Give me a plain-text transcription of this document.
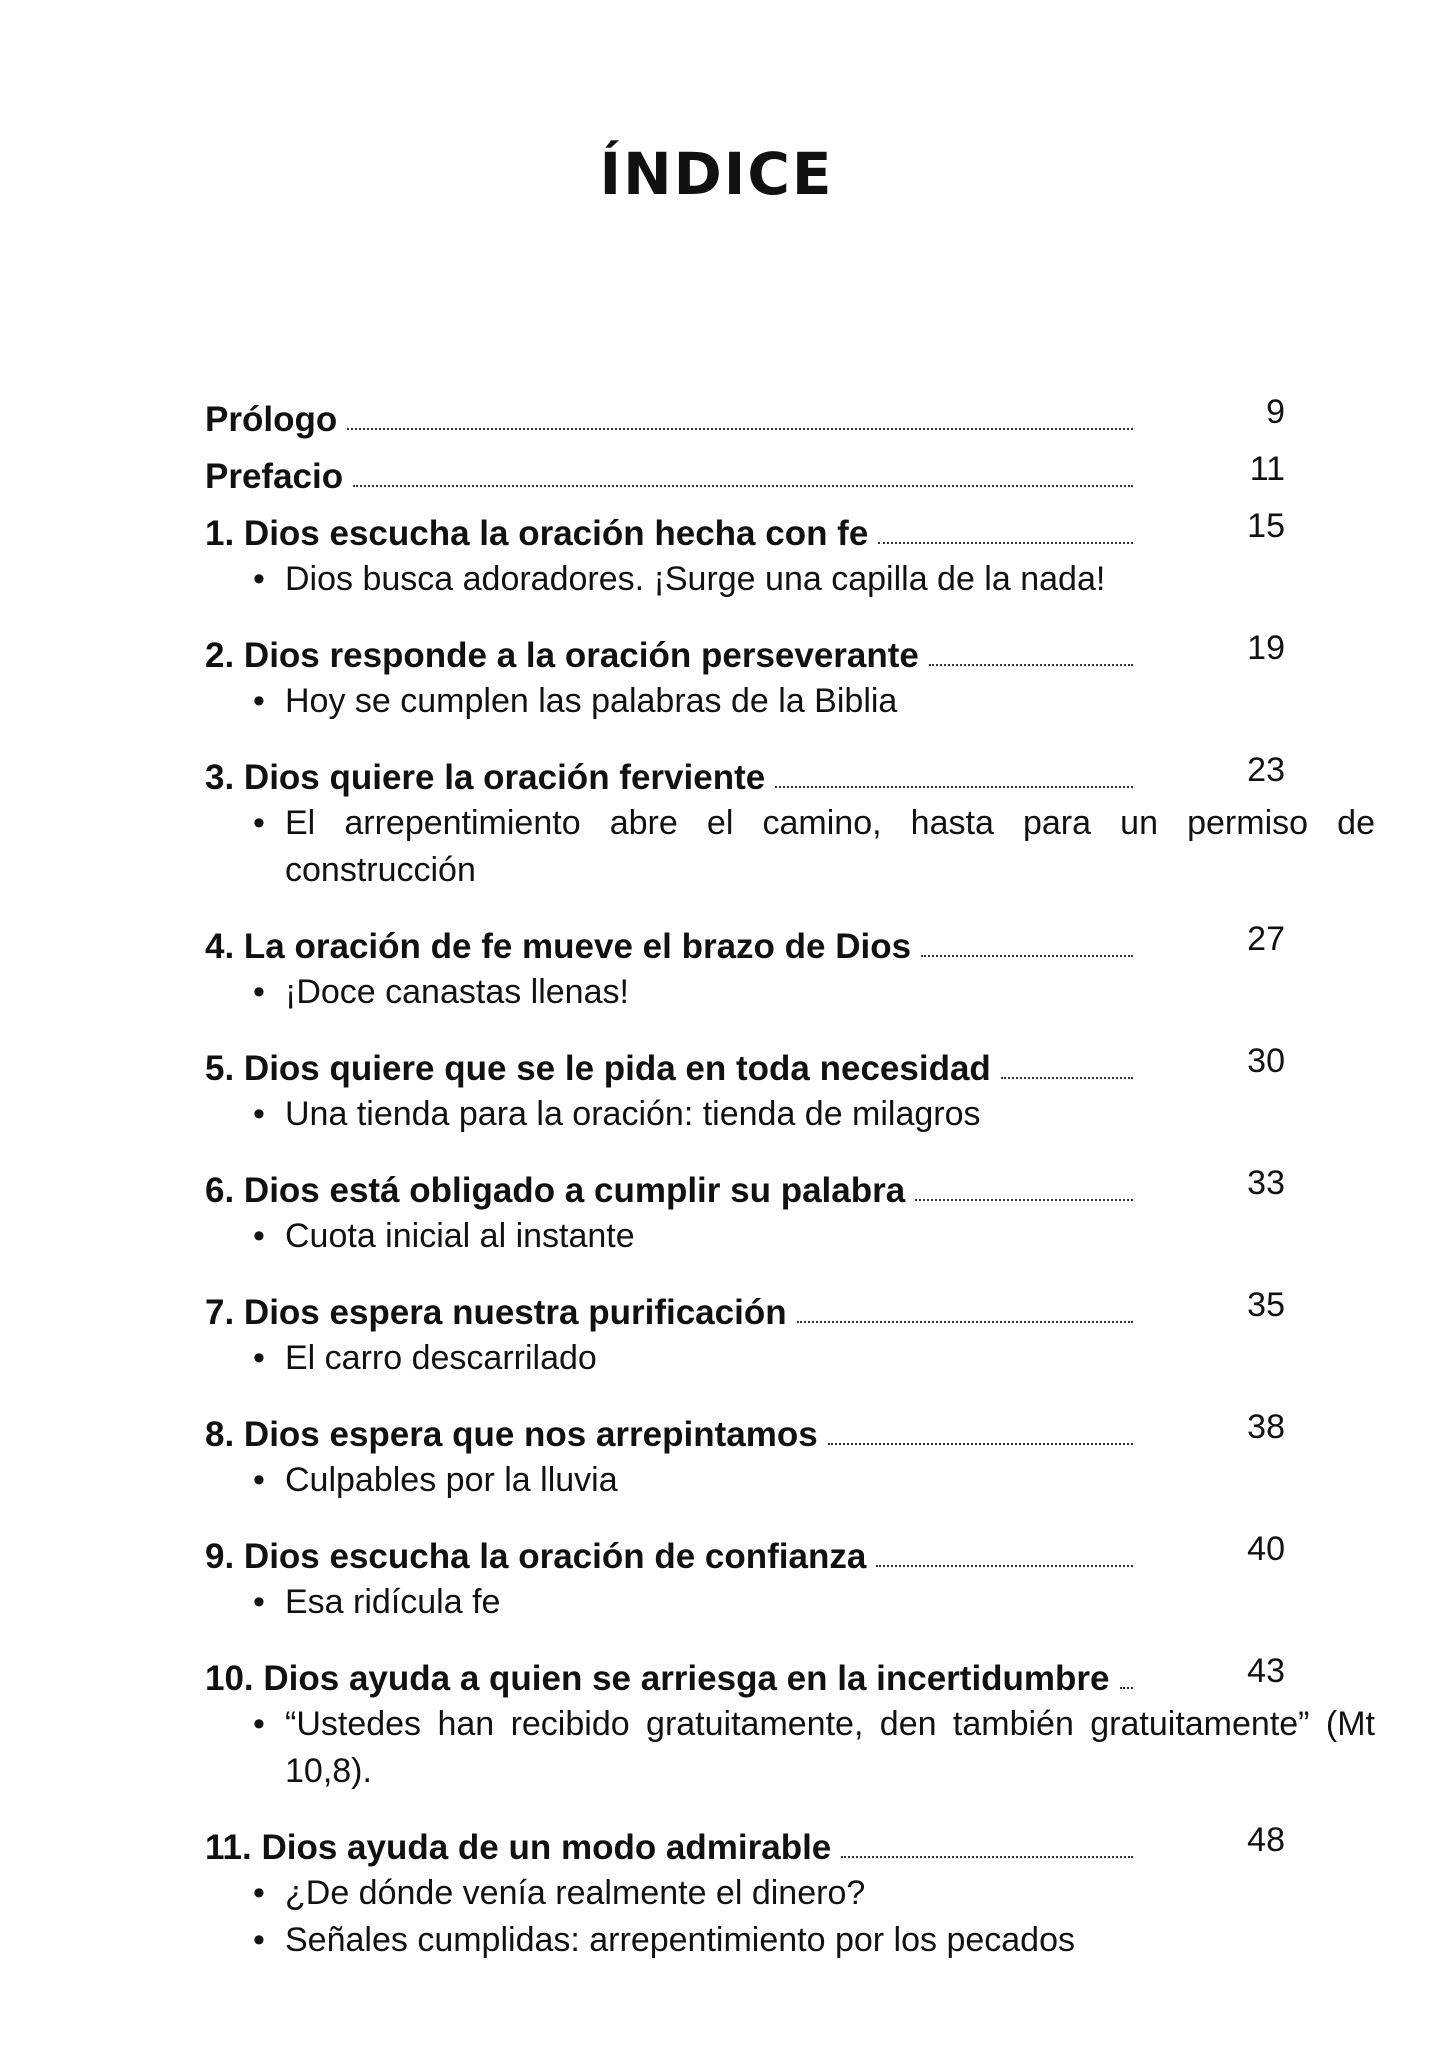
ÍNDICE
Prólogo	9
Prefacio	11
1. Dios escucha la oración hecha con fe	15
• Dios busca adoradores. ¡Surge una capilla de la nada!
2. Dios responde a la oración perseverante	19
• Hoy se cumplen las palabras de la Biblia
3. Dios quiere la oración ferviente	23
• El arrepentimiento abre el camino, hasta para un permiso de construcción
4. La oración de fe mueve el brazo de Dios	27
• ¡Doce canastas llenas!
5. Dios quiere que se le pida en toda necesidad	30
• Una tienda para la oración: tienda de milagros
6. Dios está obligado a cumplir su palabra	33
• Cuota inicial al instante
7. Dios espera nuestra purificación	35
• El carro descarrilado
8. Dios espera que nos arrepintamos	38
• Culpables por la lluvia
9. Dios escucha la oración de confianza	40
• Esa ridícula fe
10. Dios ayuda a quien se arriesga en la incertidumbre	43
• “Ustedes han recibido gratuitamente, den también gratuitamente” (Mt 10,8).
11. Dios ayuda de un modo admirable	48
• ¿De dónde venía realmente el dinero?
• Señales cumplidas: arrepentimiento por los pecados
